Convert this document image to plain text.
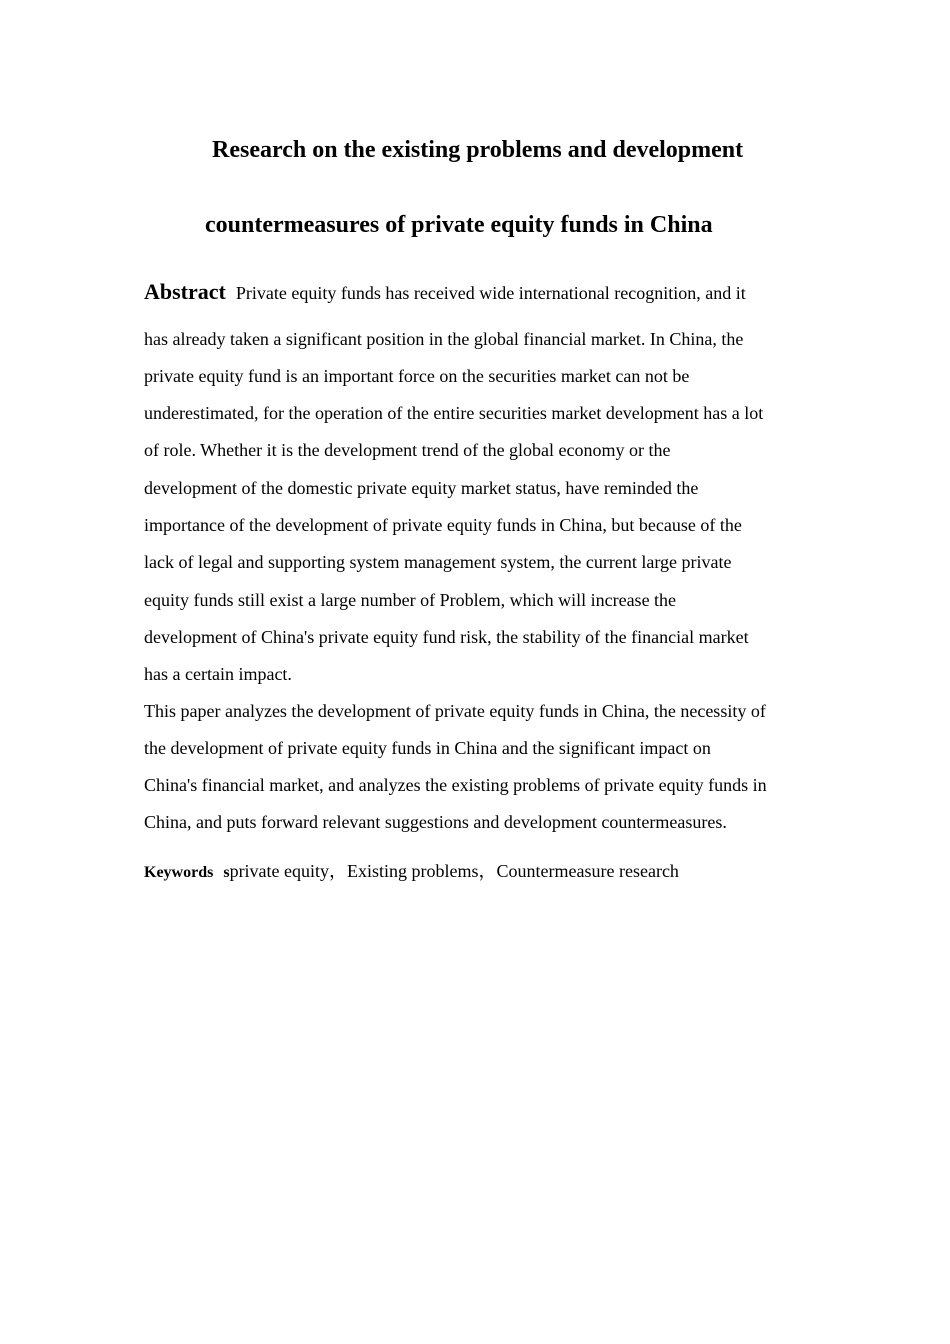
Research on the existing problems and development
countermeasures of private equity funds in China
Abstract Private equity funds has received wide international recognition, and it
has already taken a significant position in the global financial market. In China, the
private equity fund is an important force on the securities market can not be
underestimated, for the operation of the entire securities market development has a lot
of role. Whether it is the development trend of the global economy or the
development of the domestic private equity market status, have reminded the
importance of the development of private equity funds in China, but because of the
lack of legal and supporting system management system, the current large private
equity funds still exist a large number of Problem, which will increase the
development of China's private equity fund risk, the stability of the financial market
has a certain impact.
This paper analyzes the development of private equity funds in China, the necessity of
the development of private equity funds in China and the significant impact on
China's financial market, and analyzes the existing problems of private equity funds in
China, and puts forward relevant suggestions and development countermeasures.
Keywords sprivate equity，Existing problems，Countermeasure research
